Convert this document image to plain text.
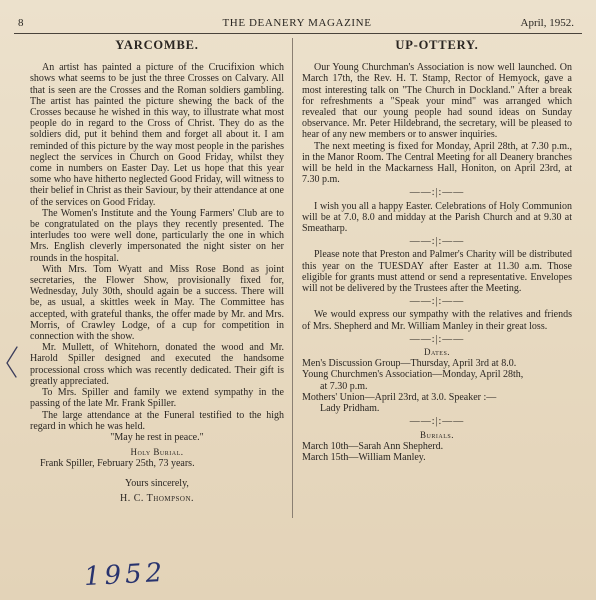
8	THE DEANERY MAGAZINE	April, 1952.
YARCOMBE.

An artist has painted a picture of the Crucifixion which shows what seems to be just the three Crosses on Calvary. All that is seen are the Crosses and the Roman soldiers gambling. The artist has painted the picture shewing the back of the Crosses because he wished in this way, to illustrate what most people do in regard to the Cross of Christ. They do as the soldiers did, put it behind them and forget all about it. I am reminded of this picture by the way most people in the parishes neglect the services in Church on Good Friday, whilst they come in numbers on Easter Day. Let us hope that this year some who have hitherto neglected Good Friday, will witness to their belief in Christ as their Saviour, by their attendance at one of the services on Good Friday.

The Women's Institute and the Young Farmers' Club are to be congratulated on the plays they recently presented. The interludes too were well done, particularly the one in which Mrs. English cleverly impersonated the night sister on her rounds in the hospital.

With Mrs. Tom Wyatt and Miss Rose Bond as joint secretaries, the Flower Show, provisionally fixed for, Wednesday, July 30th, should again be a success. There will be, as usual, a skittles week in May. The Committee has accepted, with grateful thanks, the offer made by Mr. and Mrs. Morris, of Crawley Lodge, of a cup for competition in connection with the show.

Mr. Mullett, of Whitehorn, donated the wood and Mr. Harold Spiller designed and executed the handsome processional cross which was recently dedicated. Their gift is greatly appreciated.

To Mrs. Spiller and family we extend sympathy in the passing of the late Mr. Frank Spiller.

The large attendance at the Funeral testified to the high regard in which he was held.

"May he rest in peace."

Holy Burial.

Frank Spiller, February 25th, 73 years.

Yours sincerely,

H. C. Thompson.

UP-OTTERY.

Our Young Churchman's Association is now well launched. On March 17th, the Rev. H. T. Stamp, Rector of Hemyock, gave a most interesting talk on "The Church in Dockland." After a break for refreshments a "Speak your mind" was arranged which revealed that our young people had sound ideas on Sunday observance. Mr. Peter Hildebrand, the secretary, will be pleased to hear of any new members or to answer inquiries.

The next meeting is fixed for Monday, April 28th, at 7.30 p.m., in the Manor Room. The Central Meeting for all Deanery branches will be held in the Mackarness Hall, Honiton, on April 23rd, at 7.30 p.m.

——:|:——

I wish you all a happy Easter. Celebrations of Holy Communion will be at 7.0, 8.0 and midday at the Parish Church and at 9.30 at Smeatharp.

——:|:——

Please note that Preston and Palmer's Charity will be distributed this year on the TUESDAY after Easter at 11.30 a.m. Those eligible for grants must attend or send a representative. Envelopes will not be delivered by the Trustees after the Meeting.

——:|:——

We would express our sympathy with the relatives and friends of Mrs. Shepherd and Mr. William Manley in their great loss.

——:|:——

Dates.

Men's Discussion Group—Thursday, April 3rd at 8.0.

Young Churchmen's Association—Monday, April 28th,

at 7.30 p.m.

Mothers' Union—April 23rd, at 3.0. Speaker :—

Lady Pridham.

——:|:——

Burials.

March 10th—Sarah Ann Shepherd.

March 15th—William Manley.

1952
